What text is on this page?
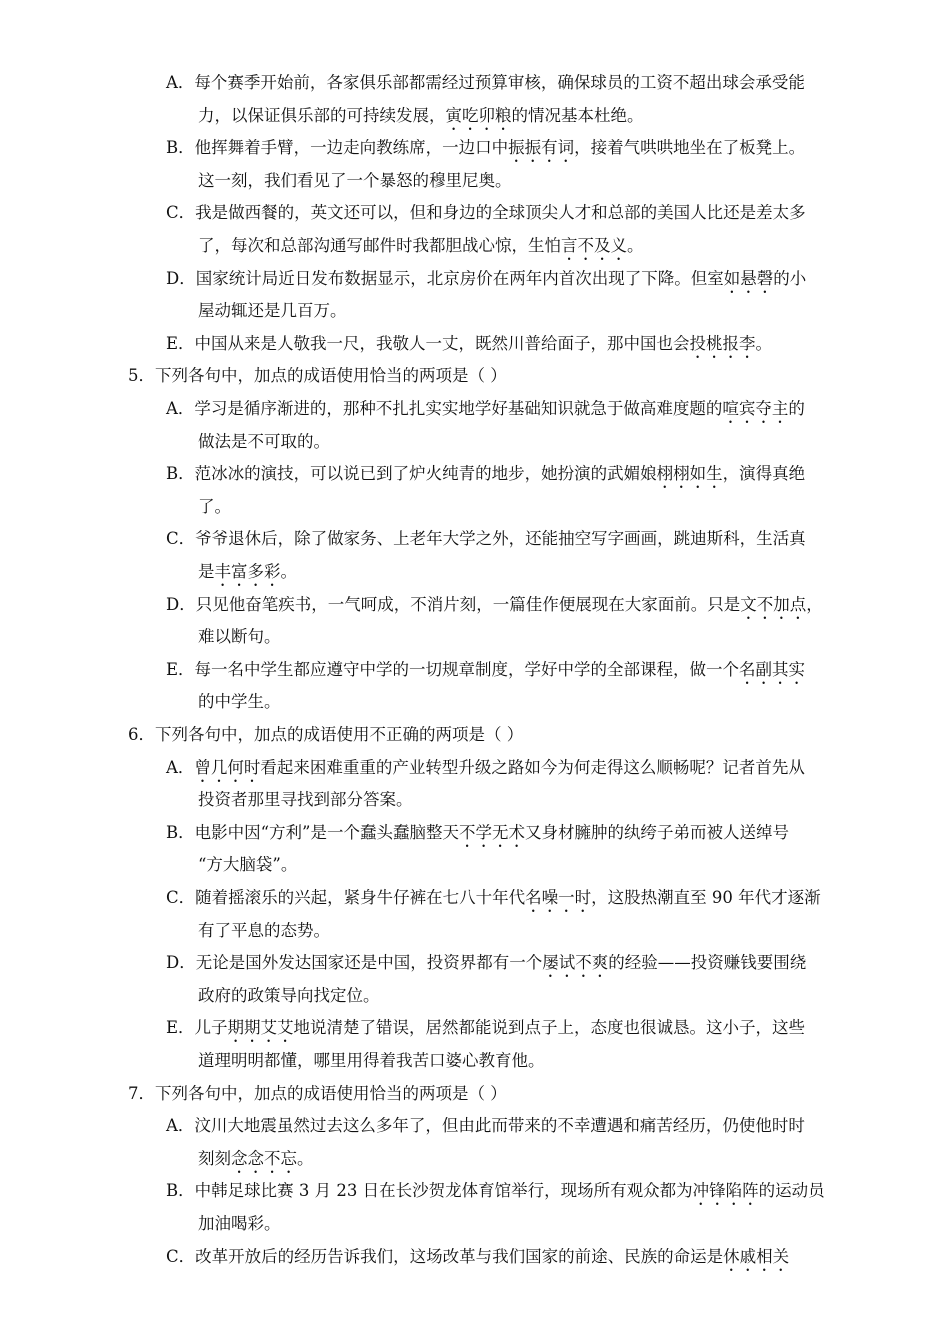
A．每个赛季开始前，各家俱乐部都需经过预算审核，确保球员的工资不超出球会承受能
力，以保证俱乐部的可持续发展，寅吃卯粮的情况基本杜绝。
B．他挥舞着手臂，一边走向教练席，一边口中振振有词，接着气哄哄地坐在了板凳上。
这一刻，我们看见了一个暴怒的穆里尼奥。
C．我是做西餐的，英文还可以，但和身边的全球顶尖人才和总部的美国人比还是差太多
了，每次和总部沟通写邮件时我都胆战心惊，生怕言不及义。
D．国家统计局近日发布数据显示，北京房价在两年内首次出现了下降。但室如悬磬的小
屋动辄还是几百万。
E．中国从来是人敬我一尺，我敬人一丈，既然川普给面子，那中国也会投桃报李。
5．下列各句中，加点的成语使用恰当的两项是（ ）
A．学习是循序渐进的，那种不扎扎实实地学好基础知识就急于做高难度题的喧宾夺主的
做法是不可取的。
B．范冰冰的演技，可以说已到了炉火纯青的地步，她扮演的武媚娘栩栩如生，演得真绝
了。
C．爷爷退休后，除了做家务、上老年大学之外，还能抽空写字画画，跳迪斯科，生活真
是丰富多彩。
D．只见他奋笔疾书，一气呵成，不消片刻，一篇佳作便展现在大家面前。只是文不加点，
难以断句。
E．每一名中学生都应遵守中学的一切规章制度，学好中学的全部课程，做一个名副其实
的中学生。
6．下列各句中，加点的成语使用不正确的两项是（ ）
A．曾几何时看起来困难重重的产业转型升级之路如今为何走得这么顺畅呢？记者首先从
投资者那里寻找到部分答案。
B．电影中因“方利”是一个蠢头蠢脑整天不学无术又身材臃肿的纨绔子弟而被人送绰号
“方大脑袋”。
C．随着摇滚乐的兴起，紧身牛仔裤在七八十年代名噪一时，这股热潮直至 90 年代才逐渐
有了平息的态势。
D．无论是国外发达国家还是中国，投资界都有一个屡试不爽的经验——投资赚钱要围绕
政府的政策导向找定位。
E．儿子期期艾艾地说清楚了错误，居然都能说到点子上，态度也很诚恳。这小子，这些
道理明明都懂，哪里用得着我苦口婆心教育他。
7．下列各句中，加点的成语使用恰当的两项是（ ）
A．汶川大地震虽然过去这么多年了，但由此而带来的不幸遭遇和痛苦经历，仍使他时时
刻刻念念不忘。
B．中韩足球比赛 3 月 23 日在长沙贺龙体育馆举行，现场所有观众都为冲锋陷阵的运动员
加油喝彩。
C．改革开放后的经历告诉我们，这场改革与我们国家的前途、民族的命运是休戚相关
